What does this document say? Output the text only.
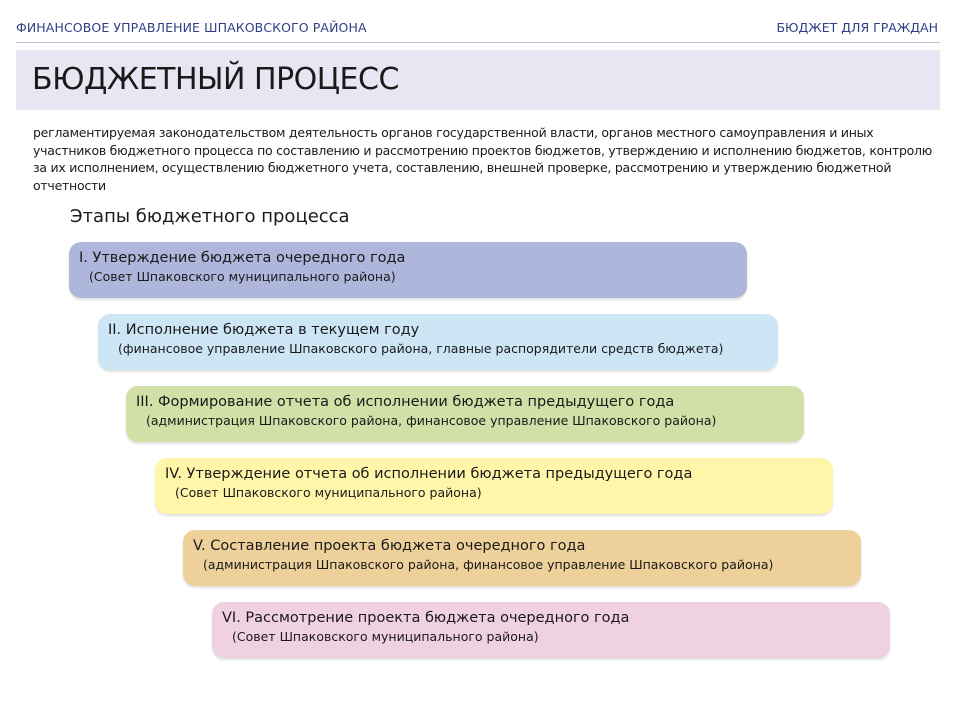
ФИНАНСОВОЕ УПРАВЛЕНИЕ ШПАКОВСКОГО РАЙОНА	БЮДЖЕТ ДЛЯ ГРАЖДАН
БЮДЖЕТНЫЙ ПРОЦЕСС
регламентируемая законодательством деятельность органов государственной власти, органов местного самоуправления и иных участников бюджетного процесса по составлению и рассмотрению проектов бюджетов, утверждению и исполнению бюджетов, контролю за их исполнением, осуществлению бюджетного учета, составлению, внешней проверке, рассмотрению и утверждению бюджетной отчетности
Этапы бюджетного процесса
I. Утверждение бюджета очередного года
(Совет Шпаковского муниципального района)
II. Исполнение бюджета в текущем году
(финансовое управление Шпаковского района, главные распорядители средств бюджета)
III. Формирование отчета об исполнении бюджета предыдущего года
(администрация Шпаковского района, финансовое управление Шпаковского района)
IV. Утверждение отчета об исполнении бюджета предыдущего года
(Совет Шпаковского муниципального района)
V. Составление проекта бюджета очередного года
(администрация Шпаковского района, финансовое управление Шпаковского района)
VI. Рассмотрение проекта бюджета очередного года
(Совет Шпаковского муниципального района)
